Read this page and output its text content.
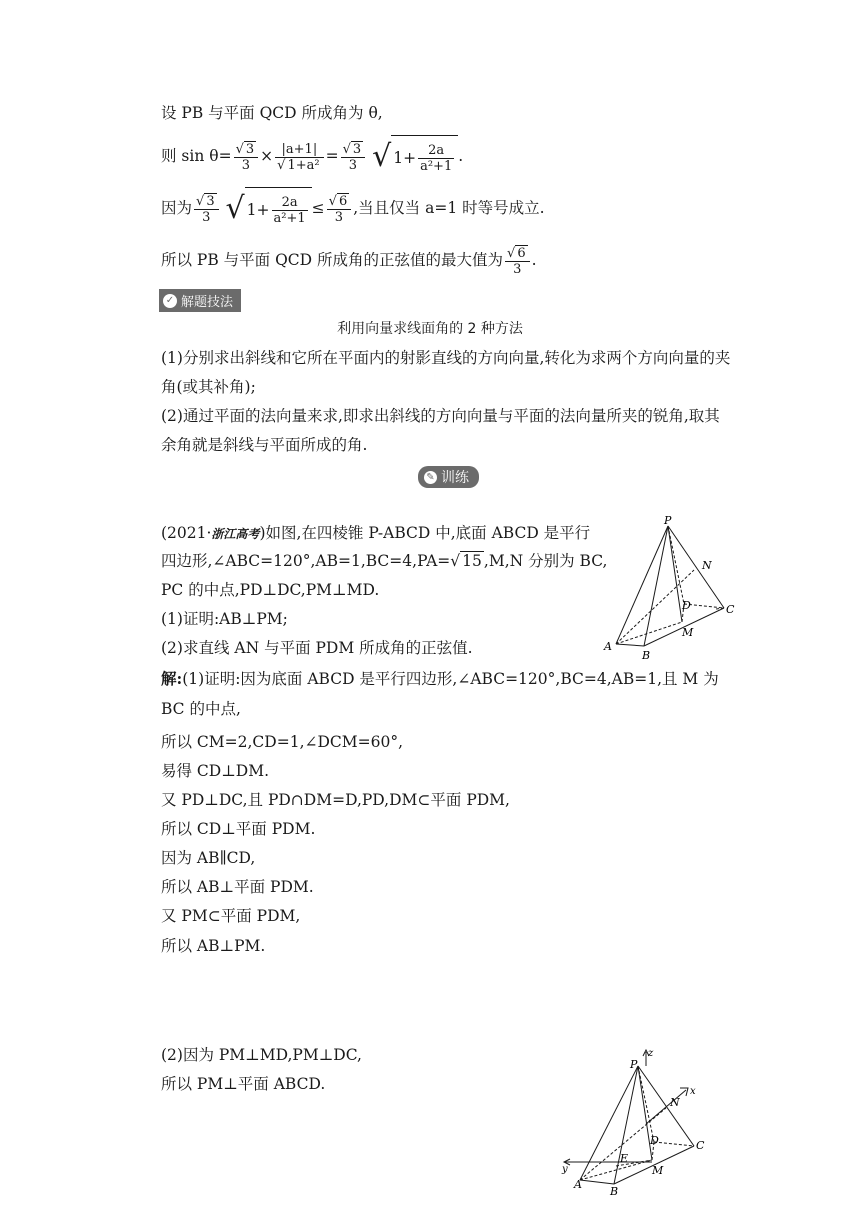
设 PB 与平面 QCD 所成角为 θ,
则 $\sin \theta= \frac{√ 3}{3} \times \frac{|a+1|}{\text{√ 1+a²}} = \frac{√ 3}{3}$ √ $1+ \frac{2a}{\text{a²+1}}$ .
因为 $\frac{√ 3}{3}$ √ $1+ \frac{2a}{\text{a²+1}} \le \frac{√ 6}{3}$ ,当且仅当 a=1 时等号成立.
所以 PB 与平面 QCD 所成角的正弦值的最大值为 $\frac{√ 6}{3}$ .
✓ 解题技法
利用向量求线面角的 2 种方法
(1)分别求出斜线和它所在平面内的射影直线的方向向量,转化为求两个方向向量的夹角(或其补角);
(2)通过平面的法向量来求,即求出斜线的方向向量与平面的法向量所夹的锐角,取其余角就是斜线与平面所成的角.
✎ 训练
(2021·浙江高考)如图,在四棱锥 P-ABCD 中,底面 ABCD 是平行
四边形,∠ABC=120°,AB=1,BC=4,PA=√ 15 ,M,N 分别为 BC,
PC 的中点,PD⊥DC,PM⊥MD.
(1)证明:AB⊥PM;
(2)求直线 AN 与平面 PDM 所成角的正弦值.
P
N
D	C
M
A
B
解:(1)证明:因为底面 ABCD 是平行四边形,∠ABC=120°,BC=4,AB=1,且 M 为
BC 的中点,
所以 CM=2,CD=1,∠DCM=60°,
易得 CD⊥DM.
又 PD⊥DC,且 PD∩DM=D,PD,DM⊂平面 PDM,
所以 CD⊥平面 PDM.
因为 AB∥CD,
所以 AB⊥平面 PDM.
又 PM⊂平面 PDM,
所以 AB⊥PM.
(2)因为 PM⊥MD,PM⊥DC,
所以 PM⊥平面 ABCD.
P
z
x
N
D	C
E
M
A
B
y
